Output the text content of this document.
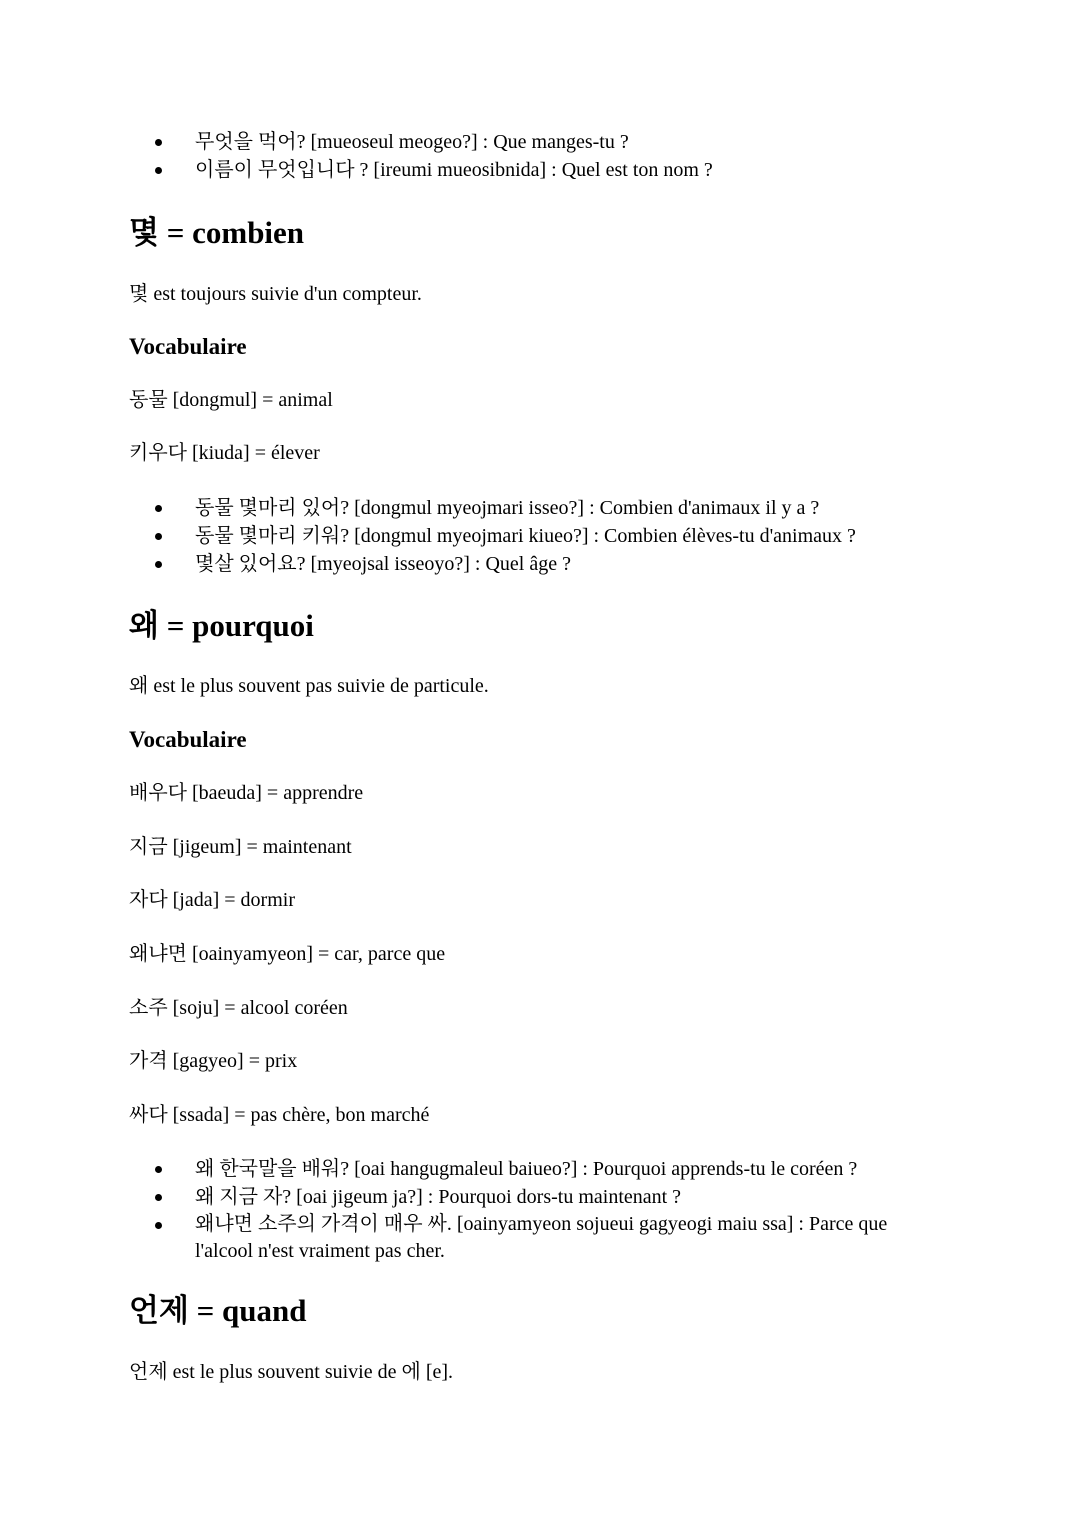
무엇을 먹어? [mueoseul meogeo?] : Que manges-tu ?
이름이 무엇입니다 ? [ireumi mueosibnida] : Quel est ton nom ?
몇 = combien
몇 est toujours suivie d'un compteur.
Vocabulaire
동물 [dongmul] = animal
키우다 [kiuda] = élever
동물 몇마리 있어? [dongmul myeojmari isseo?] : Combien d'animaux il y a ?
동물 몇마리 키워? [dongmul myeojmari kiueo?] : Combien élèves-tu d'animaux ?
몇살 있어요? [myeojsal isseoyo?] : Quel âge ?
왜 = pourquoi
왜 est le plus souvent pas suivie de particule.
Vocabulaire
배우다 [baeuda] = apprendre
지금 [jigeum] = maintenant
자다 [jada] = dormir
왜냐면 [oainyamyeon] = car, parce que
소주 [soju] = alcool coréen
가격 [gagyeo] = prix
싸다 [ssada] = pas chère, bon marché
왜 한국말을 배워? [oai hangugmaleul baiueo?] : Pourquoi apprends-tu le coréen ?
왜 지금 자? [oai jigeum ja?] : Pourquoi dors-tu maintenant ?
왜냐면 소주의 가격이 매우 싸. [oainyamyeon sojueui gagyeogi maiu ssa] : Parce que l'alcool n'est vraiment pas cher.
언제 = quand
언제 est le plus souvent suivie de 에 [e].
